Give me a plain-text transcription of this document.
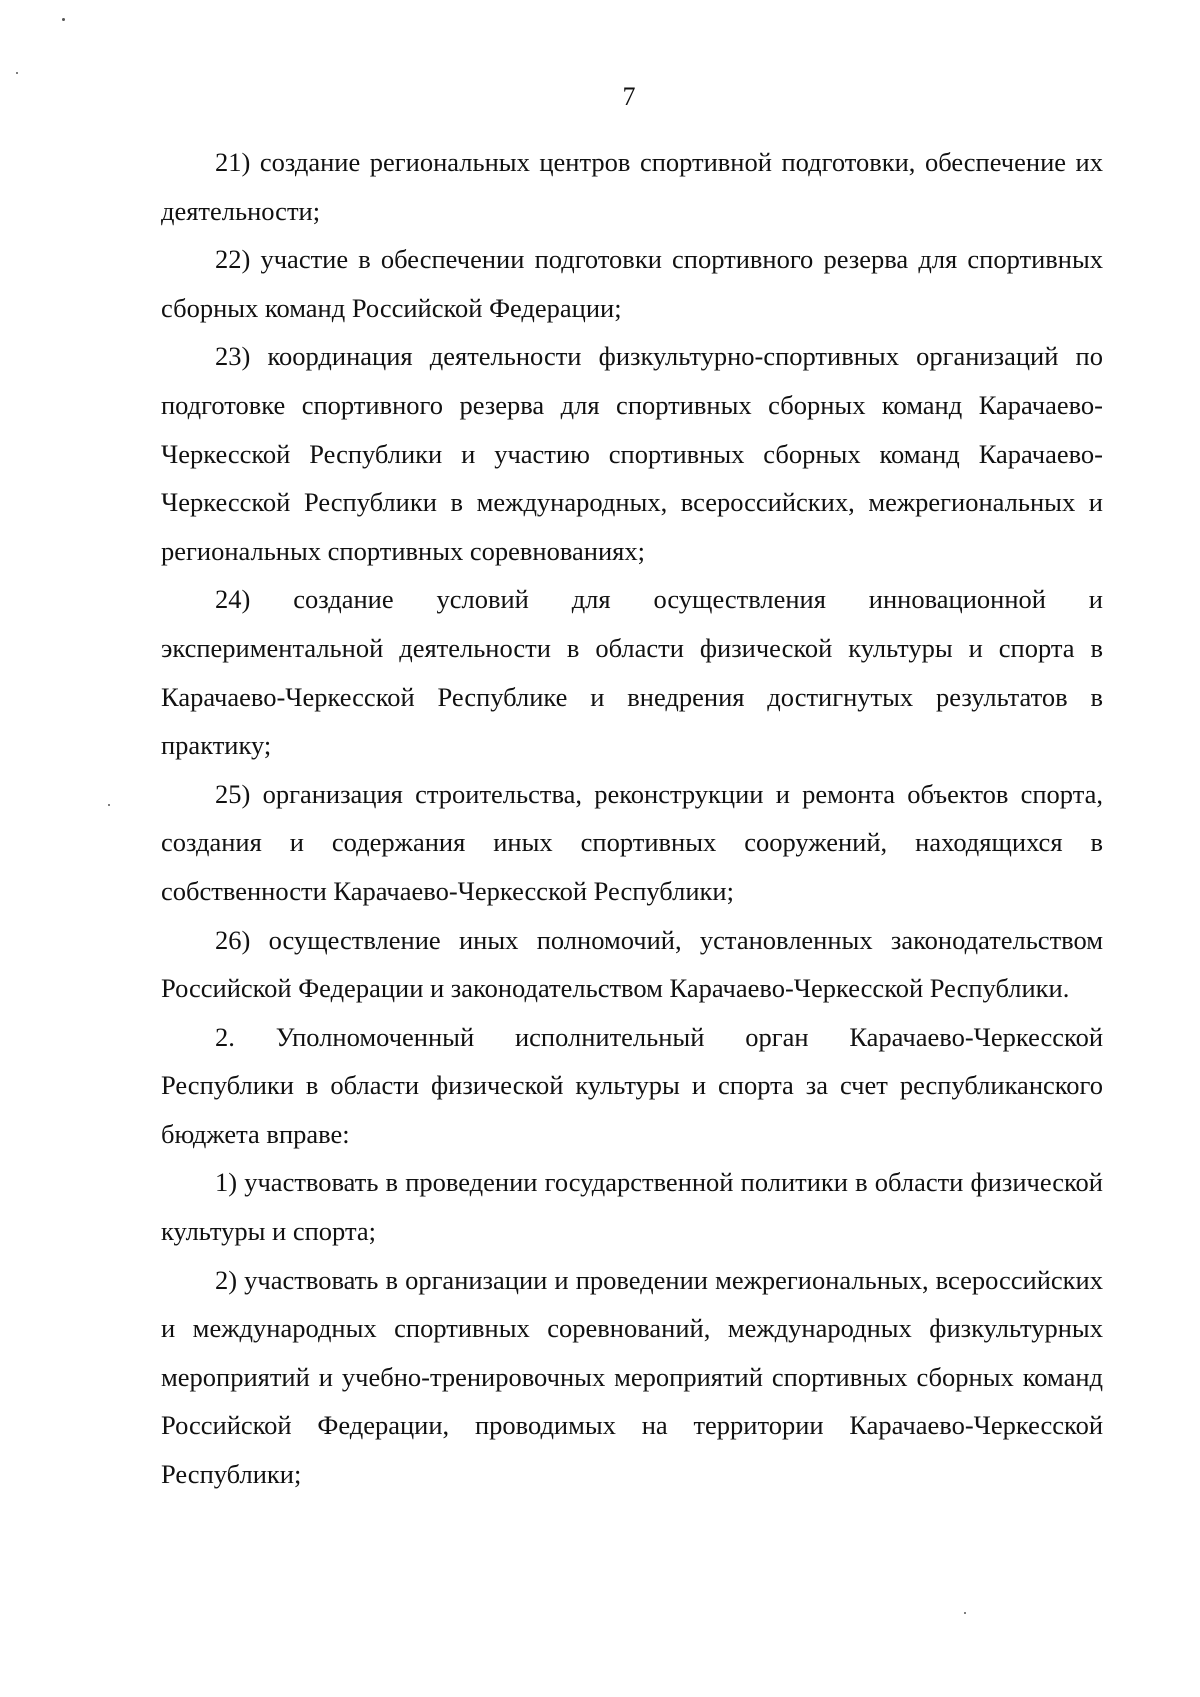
7

21) создание региональных центров спортивной подготовки, обеспечение их деятельности;

22) участие в обеспечении подготовки спортивного резерва для спортивных сборных команд Российской Федерации;

23) координация деятельности физкультурно-спортивных организаций по подготовке спортивного резерва для спортивных сборных команд Карачаево-Черкесской Республики и участию спортивных сборных команд Карачаево-Черкесской Республики в международных, всероссийских, межрегиональных и региональных спортивных соревнованиях;

24) создание условий для осуществления инновационной и экспериментальной деятельности в области физической культуры и спорта в Карачаево-Черкесской Республике и внедрения достигнутых результатов в практику;

25) организация строительства, реконструкции и ремонта объектов спорта, создания и содержания иных спортивных сооружений, находящихся в собственности Карачаево-Черкесской Республики;

26) осуществление иных полномочий, установленных законодательством Российской Федерации и законодательством Карачаево-Черкесской Республики.

2. Уполномоченный исполнительный орган Карачаево-Черкесской Республики в области физической культуры и спорта за счет республиканского бюджета вправе:

1) участвовать в проведении государственной политики в области физической культуры и спорта;

2) участвовать в организации и проведении межрегиональных, всероссийских и международных спортивных соревнований, международных физкультурных мероприятий и учебно-тренировочных мероприятий спортивных сборных команд Российской Федерации, проводимых на территории Карачаево-Черкесской Республики;
